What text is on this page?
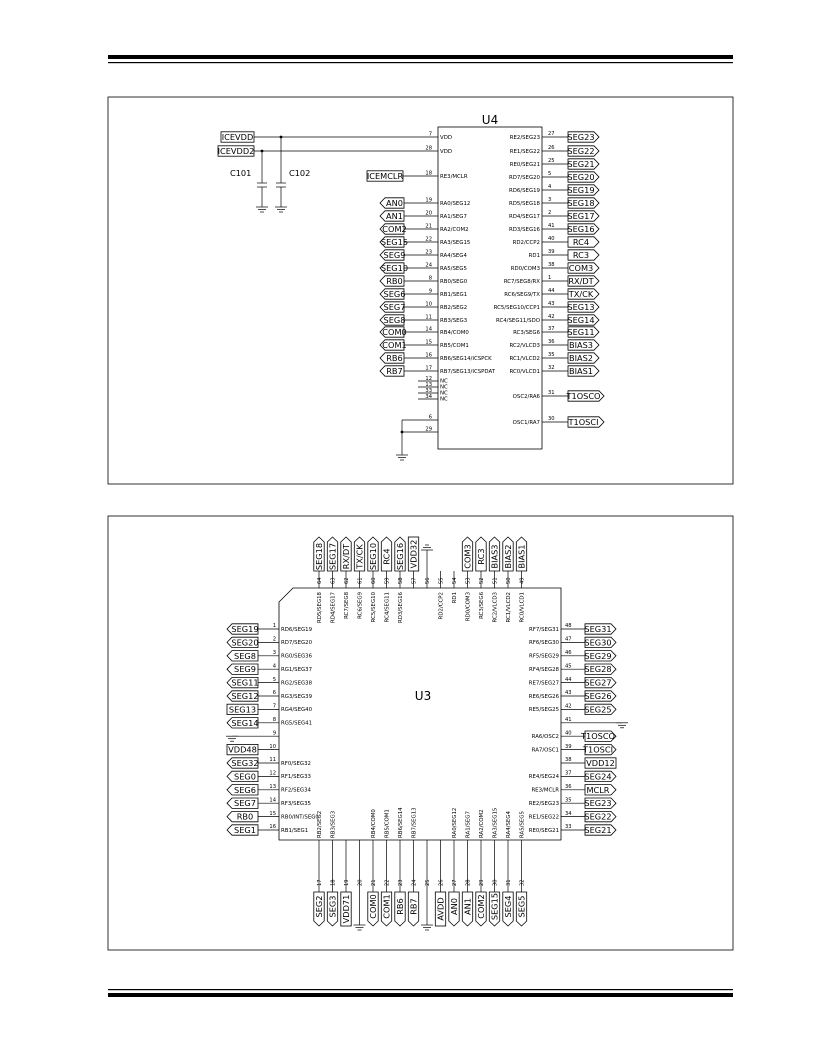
U4
7
VDD
28
VDD
18
RE3/MCLR
19
RA0/SEG12
AN0
20
RA1/SEG7
AN1
21
RA2/COM2
COM2
22
RA3/SEG15
SEG15
23
RA4/SEG4
SEG9
24
RA5/SEG5
SEG10
8
RB0/SEG0
RB0
9
RB1/SEG1
SEG6
10
RB2/SEG2
SEG7
11
RB3/SEG3
SEG8
14
RB4/COM0
COM0
15
RB5/COM1
COM1
16
RB6/SEG14/ICSPCK
RB6
17
RB7/SEG13/ICSPDAT
RB7
ICEVDD
ICEVDD2
C101	C102	ICEMCLR
12 NC
13 NC
33 NC
34 NC
6
29
27
RE2/SEG23	SEG23
26
RE1/SEG22	SEG22
25
RE0/SEG21	SEG21
5
RD7/SEG20	SEG20
4
RD6/SEG19	SEG19
3
RD5/SEG18	SEG18
2
RD4/SEG17	SEG17
41
RD3/SEG16	SEG16
40
RD2/CCP2	RC4
39
RD1	RC3
38
RD0/COM3	COM3
1
RC7/SEG8/RX	RX/DT
44
RC6/SEG9/TX	TX/CK
43
RC5/SEG10/CCP1	SEG13
42
RC4/SEG11/SDO	SEG14
37
RC3/SEG6	SEG11
36
RC2/VLCD3	BIAS3
35
RC1/VLCD2	BIAS2
32
RC0/VLCD1	BIAS1
31
OSC2/RA6	T1OSCO
30
OSC1/RA7	T1OSCI
U3
1
RD6/SEG19
SEG19
2
RD7/SEG20
SEG20
3
RG0/SEG36
SEG8
4
RG1/SEG37
SEG9
5
RG2/SEG38
SEG11
6
RG3/SEG39
SEG12
7
RG4/SEG40
SEG13
8
RG5/SEG41
SEG14
9
10
VDD48
11
RF0/SEG32
SEG32
12
RF1/SEG33
SEG0
13
RF2/SEG34
SEG6
14
RF3/SEG35
SEG7
15
RB0/INT/SEG0
RB0
16
RB1/SEG1
SEG1
48
RF7/SEG31	SEG31
47
RF6/SEG30	SEG30
46
RF5/SEG29	SEG29
45
RF4/SEG28	SEG28
44
RE7/SEG27	SEG27
43
RE6/SEG26	SEG26
42
RE5/SEG25	SEG25
41
40
RA6/OSC2	T1OSCO
39
RA7/OSC1	T1OSCI
38 VDD12
37
RE4/SEG24	SEG24
36
RE3/MCLR	MCLR
35
RE2/SEG23	SEG23
34
RE1/SEG22	SEG22
33
RE0/SEG21	SEG21
64
RD5/SEG18
SEG18
63
RD4/SEG17
SEG17
62
RC7/SEG8
RX/DT
61
RC6/SEG9
TX/CK
60
RC5/SEG10
SEG10
59
RC4/SEG11
RC4
58
RD3/SEG16
SEG16
57
VDD32
56 55
RD2/CCP2
54
RD1
53
RD0/COM3
COM3
52
RC3/SEG6
RC3
51
RC2/VLCD3
BIAS3
50
RC1/VLCD2
BIAS2
49
RC0/VLCD1
BIAS1
17
RB2/SEG2
SEG2
18
RB3/SEG3
SEG3
19
VDD71
20 21
RB4/COM0
COM0
22
RB5/COM1
COM1
23
RB6/SEG14
RB6
24
RB7/SEG13
RB7
25 26
AVDD
27
RA0/SEG12
AN0
28
RA1/SEG7
AN1
29
RA2/COM2
COM2
30
RA3/SEG15
SEG15
31
RA4/SEG4
SEG4
32
RA5/SEG5
SEG5
